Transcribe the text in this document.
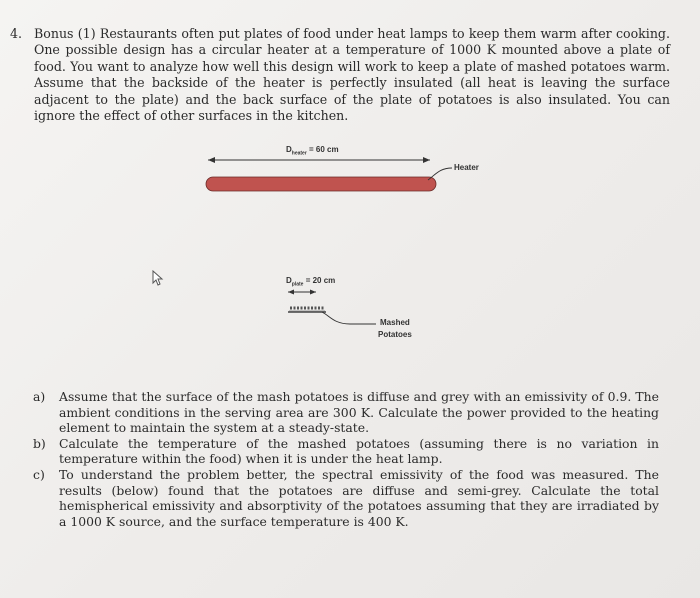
4. Bonus (1) Restaurants often put plates of food under heat lamps to keep them warm after cooking. One possible design has a circular heater at a temperature of 1000 K mounted above a plate of food. You want to analyze how well this design will work to keep a plate of mashed potatoes warm. Assume that the backside of the heater is perfectly insulated (all heat is leaving the surface adjacent to the plate) and the back surface of the plate of potatoes is also insulated. You can ignore the effect of other surfaces in the kitchen.
$D_{heater} = 60$ cm
Heater
$D_{plate} = 20$ cm
Mashed
Potatoes
a) Assume that the surface of the mash potatoes is diffuse and grey with an emissivity of 0.9. The ambient conditions in the serving area are 300 K. Calculate the power provided to the heating element to maintain the system at a steady-state.
b) Calculate the temperature of the mashed potatoes (assuming there is no variation in temperature within the food) when it is under the heat lamp.
c) To understand the problem better, the spectral emissivity of the food was measured. The results (below) found that the potatoes are diffuse and semi-grey. Calculate the total hemispherical emissivity and absorptivity of the potatoes assuming that they are irradiated by a 1000 K source, and the surface temperature is 400 K.
